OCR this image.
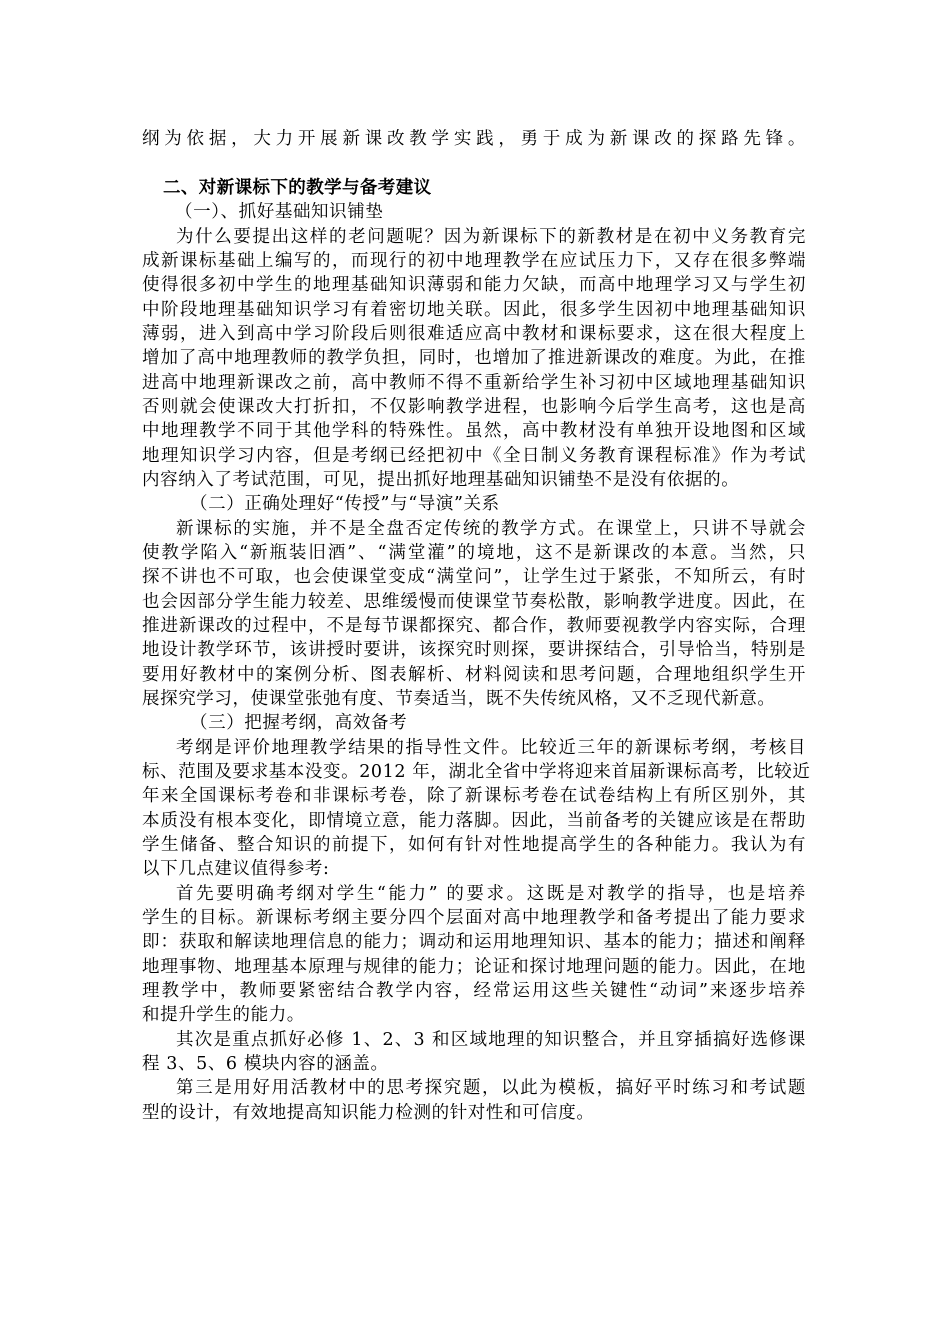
纲为依据，大力开展新课改教学实践，勇于成为新课改的探路先锋。
二、对新课标下的教学与备考建议
（一）、抓好基础知识铺垫
为什么要提出这样的老问题呢？因为新课标下的新教材是在初中义务教育完
成新课标基础上编写的，而现行的初中地理教学在应试压力下，又存在很多弊端
使得很多初中学生的地理基础知识薄弱和能力欠缺，而高中地理学习又与学生初
中阶段地理基础知识学习有着密切地关联。因此，很多学生因初中地理基础知识
薄弱，进入到高中学习阶段后则很难适应高中教材和课标要求，这在很大程度上
增加了高中地理教师的教学负担，同时，也增加了推进新课改的难度。为此，在推
进高中地理新课改之前，高中教师不得不重新给学生补习初中区域地理基础知识
否则就会使课改大打折扣，不仅影响教学进程，也影响今后学生高考，这也是高
中地理教学不同于其他学科的特殊性。虽然，高中教材没有单独开设地图和区域
地理知识学习内容，但是考纲已经把初中《全日制义务教育课程标准》作为考试
内容纳入了考试范围，可见，提出抓好地理基础知识铺垫不是没有依据的。
（二）正确处理好“传授”与“导演”关系
新课标的实施，并不是全盘否定传统的教学方式。在课堂上，只讲不导就会
使教学陷入“新瓶装旧酒”、“满堂灌”的境地，这不是新课改的本意。当然，只
探不讲也不可取，也会使课堂变成“满堂问”，让学生过于紧张，不知所云，有时
也会因部分学生能力较差、思维缓慢而使课堂节奏松散，影响教学进度。因此，在
推进新课改的过程中，不是每节课都探究、都合作，教师要视教学内容实际，合理
地设计教学环节，该讲授时要讲，该探究时则探，要讲探结合，引导恰当，特别是
要用好教材中的案例分析、图表解析、材料阅读和思考问题，合理地组织学生开
展探究学习，使课堂张弛有度、节奏适当，既不失传统风格，又不乏现代新意。
（三）把握考纲，高效备考
考纲是评价地理教学结果的指导性文件。比较近三年的新课标考纲，考核目
标、范围及要求基本没变。2012 年，湖北全省中学将迎来首届新课标高考，比较近
年来全国课标考卷和非课标考卷，除了新课标考卷在试卷结构上有所区别外，其
本质没有根本变化，即情境立意，能力落脚。因此，当前备考的关键应该是在帮助
学生储备、整合知识的前提下，如何有针对性地提高学生的各种能力。我认为有
以下几点建议值得参考:
首先要明确考纲对学生“能力” 的要求。这既是对教学的指导，也是培养
学生的目标。新课标考纲主要分四个层面对高中地理教学和备考提出了能力要求
即：获取和解读地理信息的能力；调动和运用地理知识、基本的能力；描述和阐释
地理事物、地理基本原理与规律的能力；论证和探讨地理问题的能力。因此，在地
理教学中，教师要紧密结合教学内容，经常运用这些关键性“动词”来逐步培养
和提升学生的能力。
其次是重点抓好必修 1、2、3 和区域地理的知识整合，并且穿插搞好选修课
程 3、5、6 模块内容的涵盖。
第三是用好用活教材中的思考探究题，以此为模板，搞好平时练习和考试题
型的设计，有效地提高知识能力检测的针对性和可信度。
